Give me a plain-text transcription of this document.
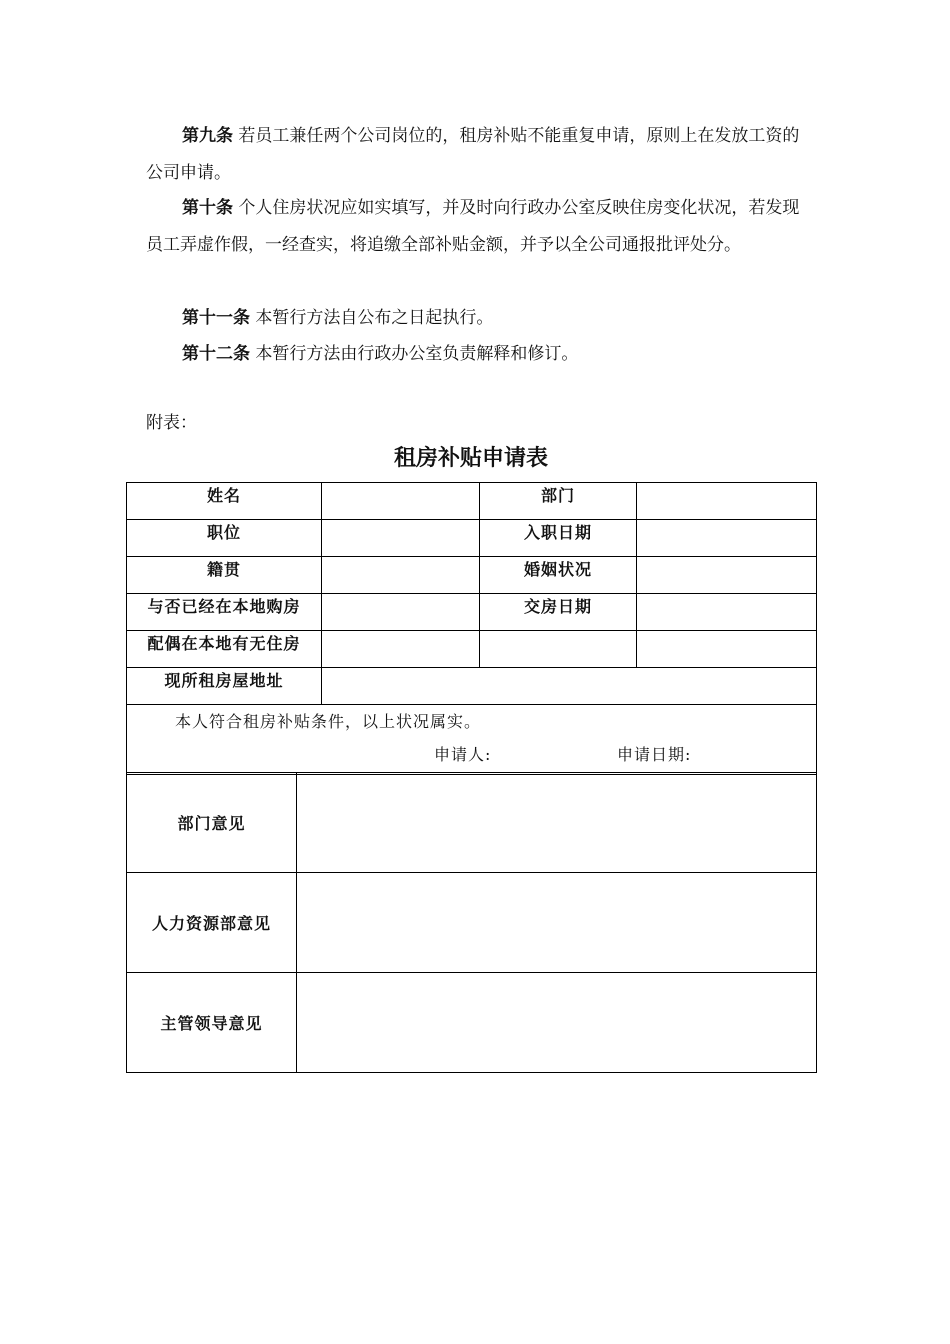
第九条 若员工兼任两个公司岗位的，租房补贴不能重复申请，原则上在发放工资的公司申请。
第十条 个人住房状况应如实填写，并及时向行政办公室反映住房变化状况，若发现员工弄虚作假，一经查实，将追缴全部补贴金额，并予以全公司通报批评处分。
第十一条 本暂行方法自公布之日起执行。
第十二条 本暂行方法由行政办公室负责解释和修订。
附表：
租房补贴申请表
姓名		部门	
职位		入职日期	
籍贯		婚姻状况	
与否已经在本地购房		交房日期	
配偶在本地有无住房			
现所租房屋地址			

本人符合租房补贴条件，以上状况属实。
申请人: 申请日期:			
部门意见	
人力资源部意见	
主管领导意见	
